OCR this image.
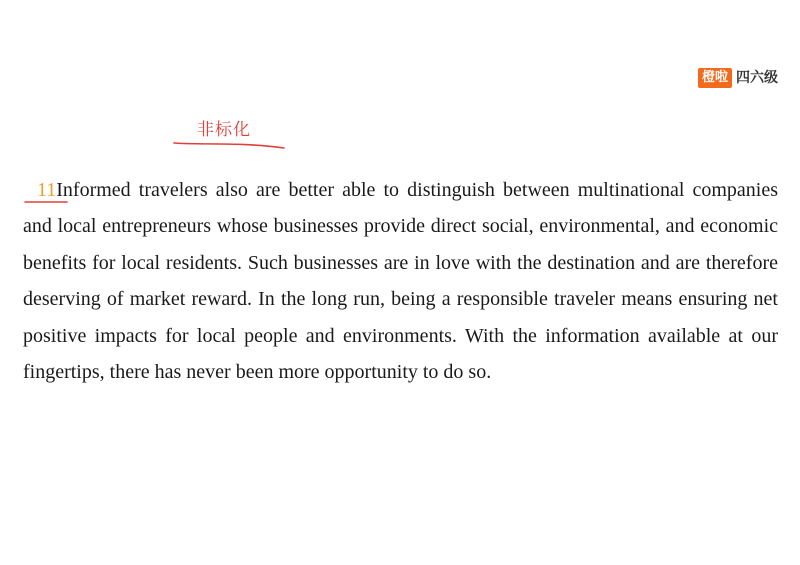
橙啦 四六级
非标化

11Informed travelers also are better able to distinguish between multinational companies and local entrepreneurs whose businesses provide direct social, environmental, and economic benefits for local residents. Such businesses are in love with the destination and are therefore deserving of market reward. In the long run, being a responsible traveler means ensuring net positive impacts for local people and environments. With the information available at our fingertips, there has never been more opportunity to do so.
